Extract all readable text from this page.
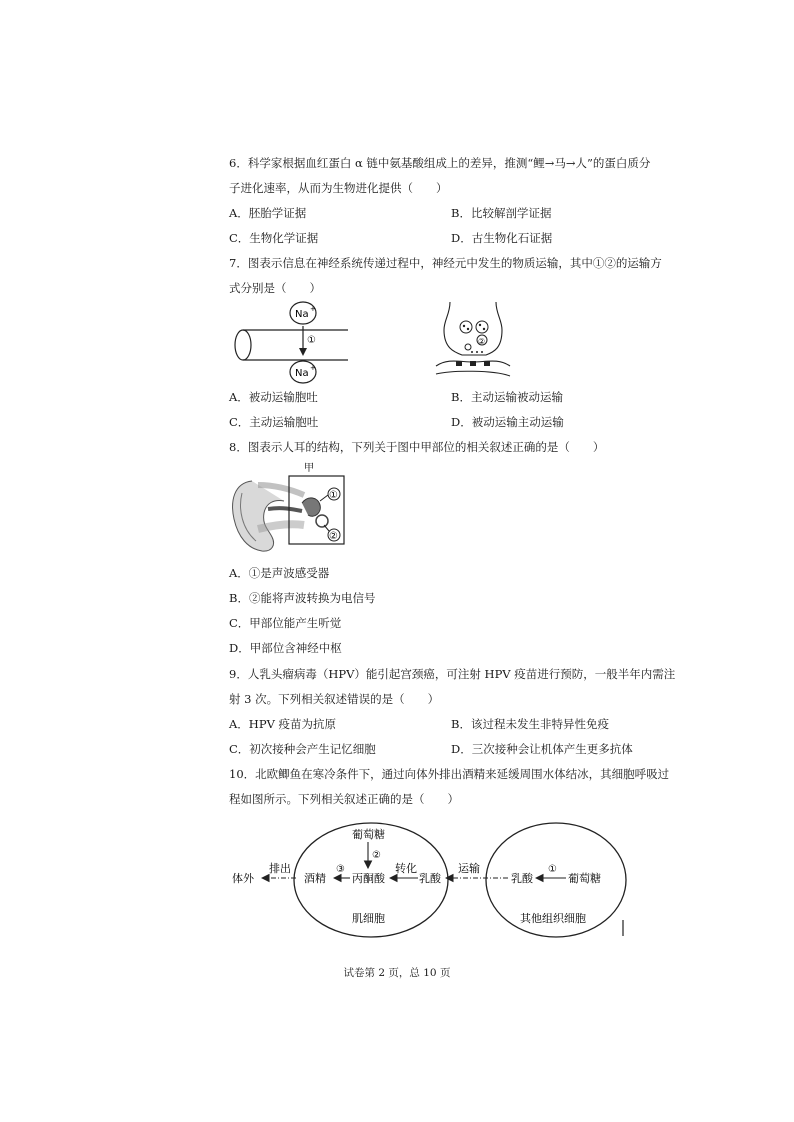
6．科学家根据血红蛋白 α 链中氨基酸组成上的差异，推测“鲤→马→人”的蛋白质分
子进化速率，从而为生物进化提供（　　）
A．胚胎学证据	B．比较解剖学证据
C．生物化学证据	D．古生物化石证据
7．图表示信息在神经系统传递过程中，神经元中发生的物质运输，其中①②的运输方
式分别是（　　）
Na +
①
Na +
②
A．被动运输胞吐	B．主动运输被动运输
C．主动运输胞吐	D．被动运输主动运输
8．图表示人耳的结构，下列关于图中甲部位的相关叙述正确的是（　　）
甲
①
②
A．①是声波感受器
B．②能将声波转换为电信号
C．甲部位能产生听觉
D．甲部位含神经中枢
9．人乳头瘤病毒（HPV）能引起宫颈癌，可注射 HPV 疫苗进行预防，一般半年内需注
射 3 次。下列相关叙述错误的是（　　）
A．HPV 疫苗为抗原	B．该过程未发生非特异性免疫
C．初次接种会产生记忆细胞	D．三次接种会让机体产生更多抗体
10．北欧鲫鱼在寒冷条件下，通过向体外排出酒精来延缓周围水体结冰，其细胞呼吸过
程如图所示。下列相关叙述正确的是（　　）
体外
排出
酒精
③
丙酮酸
葡萄糖
②
转化
乳酸
运输
乳酸
①
葡萄糖
肌细胞	其他组织细胞
试卷第 2 页，总 10 页
